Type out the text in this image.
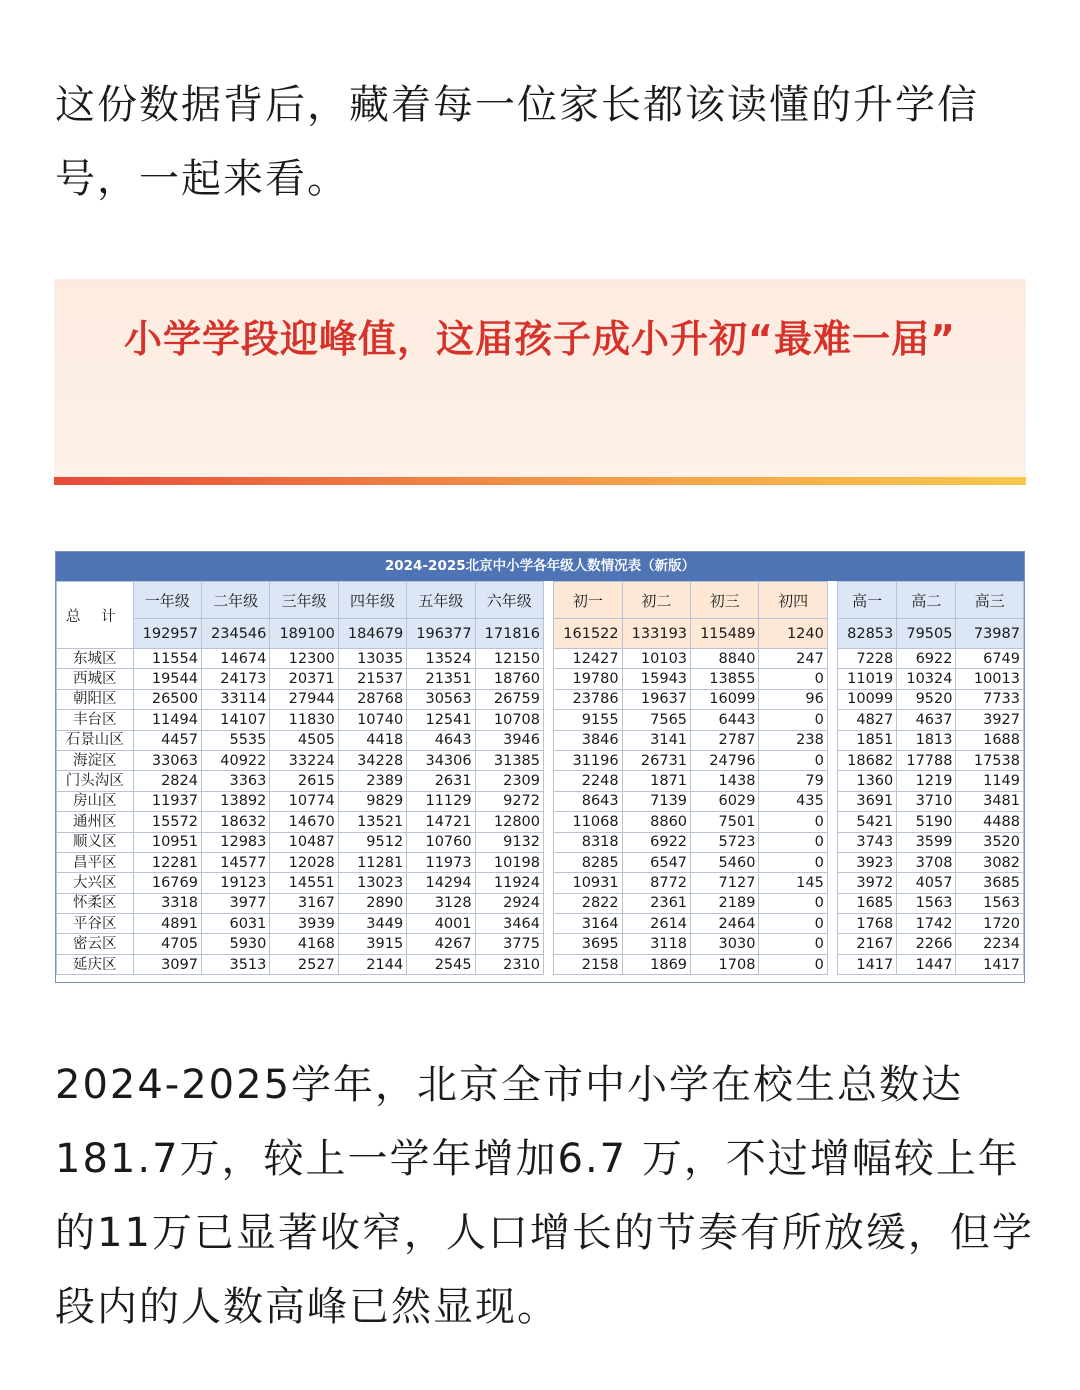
这份数据背后，藏着每一位家长都该读懂的升学信号，一起来看。

小学学段迎峰值，这届孩子成小升初“最难一届”

2024-2025北京中小学各年级人数情况表（新版）
总 计	一年级	二年级	三年级	四年级	五年级	六年级		初一	初二	初三	初四		高一	高二	高三
	192957	234546	189100	184679	196377	171816		161522	133193	115489	1240		82853	79505	73987
东城区	11554	14674	12300	13035	13524	12150		12427	10103	8840	247		7228	6922	6749
西城区	19544	24173	20371	21537	21351	18760		19780	15943	13855	0		11019	10324	10013
朝阳区	26500	33114	27944	28768	30563	26759		23786	19637	16099	96		10099	9520	7733
丰台区	11494	14107	11830	10740	12541	10708		9155	7565	6443	0		4827	4637	3927
石景山区	4457	5535	4505	4418	4643	3946		3846	3141	2787	238		1851	1813	1688
海淀区	33063	40922	33224	34228	34306	31385		31196	26731	24796	0		18682	17788	17538
门头沟区	2824	3363	2615	2389	2631	2309		2248	1871	1438	79		1360	1219	1149
房山区	11937	13892	10774	9829	11129	9272		8643	7139	6029	435		3691	3710	3481
通州区	15572	18632	14670	13521	14721	12800		11068	8860	7501	0		5421	5190	4488
顺义区	10951	12983	10487	9512	10760	9132		8318	6922	5723	0		3743	3599	3520
昌平区	12281	14577	12028	11281	11973	10198		8285	6547	5460	0		3923	3708	3082
大兴区	16769	19123	14551	13023	14294	11924		10931	8772	7127	145		3972	4057	3685
怀柔区	3318	3977	3167	2890	3128	2924		2822	2361	2189	0		1685	1563	1563
平谷区	4891	6031	3939	3449	4001	3464		3164	2614	2464	0		1768	1742	1720
密云区	4705	5930	4168	3915	4267	3775		3695	3118	3030	0		2167	2266	2234
延庆区	3097	3513	2527	2144	2545	2310		2158	1869	1708	0		1417	1447	1417

2024-2025学年，北京全市中小学在校生总数达181.7万，较上一学年增加6.7 万，不过增幅较上年的11万已显著收窄，人口增长的节奏有所放缓，但学段内的人数高峰已然显现。
